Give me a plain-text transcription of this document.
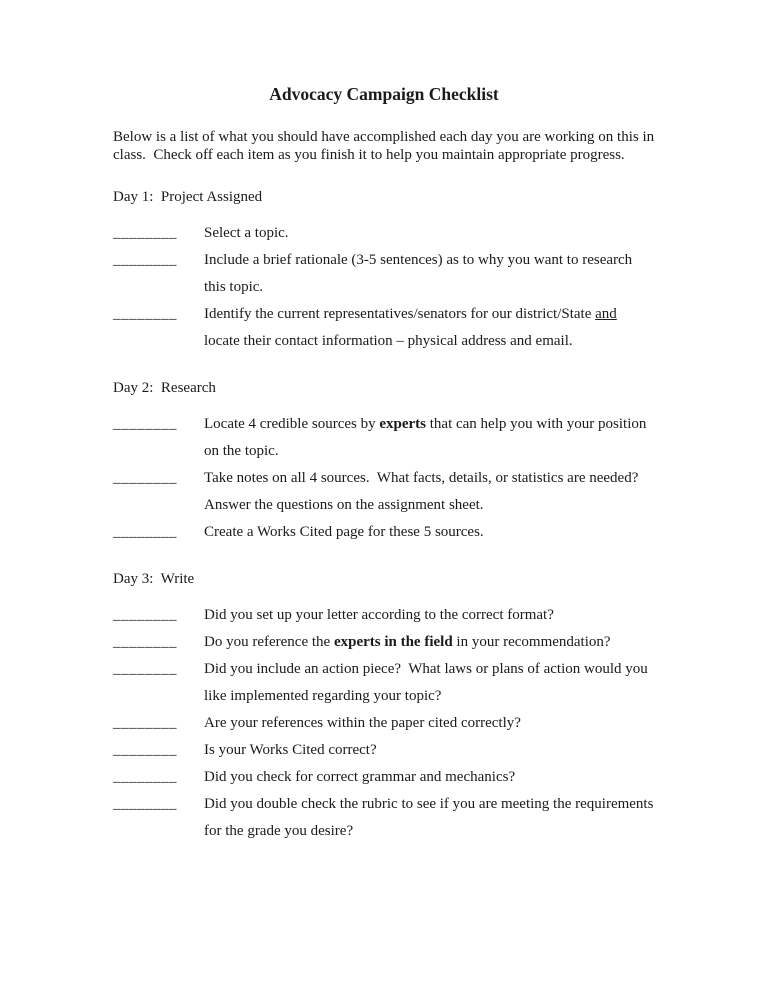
Advocacy Campaign Checklist

Below is a list of what you should have accomplished each day you are working on this in class.  Check off each item as you finish it to help you maintain appropriate progress.

Day 1:  Project Assigned

________	Select a topic.
________	Include a brief rationale (3-5 sentences) as to why you want to research this topic.
________	Identify the current representatives/senators for our district/State and locate their contact information – physical address and email.

Day 2:  Research

________	Locate 4 credible sources by experts that can help you with your position on the topic.
________	Take notes on all 4 sources.  What facts, details, or statistics are needed?  Answer the questions on the assignment sheet.
________	Create a Works Cited page for these 5 sources.

Day 3:  Write

________	Did you set up your letter according to the correct format?
________	Do you reference the experts in the field in your recommendation?
________	Did you include an action piece?  What laws or plans of action would you like implemented regarding your topic?
________	Are your references within the paper cited correctly?
________	Is your Works Cited correct?
________	Did you check for correct grammar and mechanics?
________	Did you double check the rubric to see if you are meeting the requirements for the grade you desire?
